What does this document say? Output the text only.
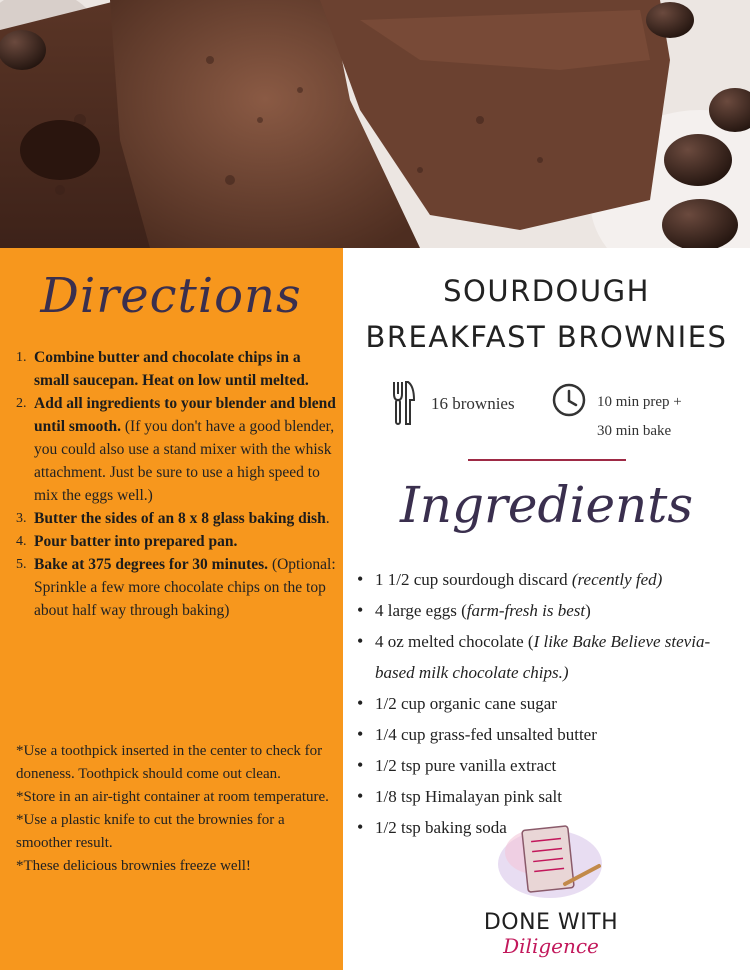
Directions
1. Combine butter and chocolate chips in a small saucepan. Heat on low until melted.
2. Add all ingredients to your blender and blend until smooth. (If you don't have a good blender, you could also use a stand mixer with the whisk attachment. Just be sure to use a high speed to mix the eggs well.)
3. Butter the sides of an 8 x 8 glass baking dish.
4. Pour batter into prepared pan.
5. Bake at 375 degrees for 30 minutes. (Optional: Sprinkle a few more chocolate chips on the top about half way through baking)

*Use a toothpick inserted in the center to check for doneness. Toothpick should come out clean.

*Store in an air-tight container at room temperature.

*Use a plastic knife to cut the brownies for a smoother result.

*These delicious brownies freeze well!

SOURDOUGH
BREAKFAST BROWNIES
16 brownies	10 min prep +
30 min bake
Ingredients
• 1 1/2 cup sourdough discard (recently fed)
• 4 large eggs (farm-fresh is best)
• 4 oz melted chocolate (I like Bake Believe stevia-based milk chocolate chips.)
• 1/2 cup organic cane sugar
• 1/4 cup grass-fed unsalted butter
• 1/2 tsp pure vanilla extract
• 1/8 tsp Himalayan pink salt
• 1/2 tsp baking soda
DONE WITH
Diligence
